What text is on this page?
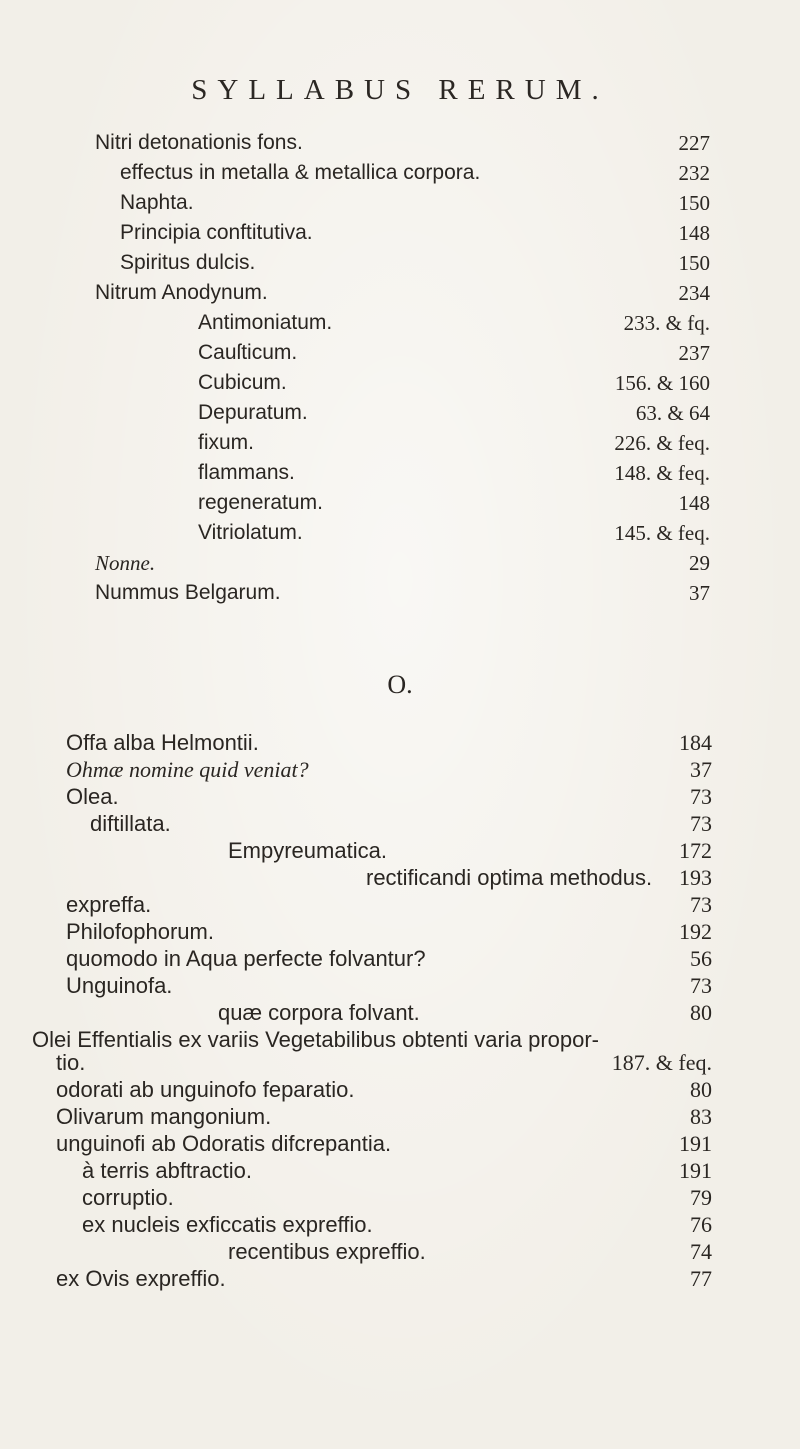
SYLLABUS RERUM.
Nitri detonationis fons.	227
effectus in metalla & metallica corpora.	232
Naphta.	150
Principia conftitutiva.	148
Spiritus dulcis.	150
Nitrum Anodynum.	234
Antimoniatum.	233. & fq.
Cauſticum.	237
Cubicum.	156. & 160
Depuratum.	63. & 64
fixum.	226. & feq.
flammans.	148. & feq.
regeneratum.	148
Vitriolatum.	145. & feq.
Nonne.	29
Nummus Belgarum.	37
O.
Offa alba Helmontii.	184
Ohmæ nomine quid veniat?	37
Olea.	73
diftillata.	73
Empyreumatica.	172
rectificandi optima methodus. 193
expreffa.	73
Philofophorum.	192
quomodo in Aqua perfecte folvantur?	56
Unguinofa.	73
quæ corpora folvant.	80
Olei Effentialis ex variis Vegetabilibus obtenti varia propor-
tio.	187. & feq.
odorati ab unguinofo feparatio.	80
Olivarum mangonium.	83
unguinofi ab Odoratis difcrepantia.	191
à terris abftractio.	191
corruptio.	79
ex nucleis exficcatis expreffio.	76
recentibus expreffio.	74
ex Ovis expreffio.	77
